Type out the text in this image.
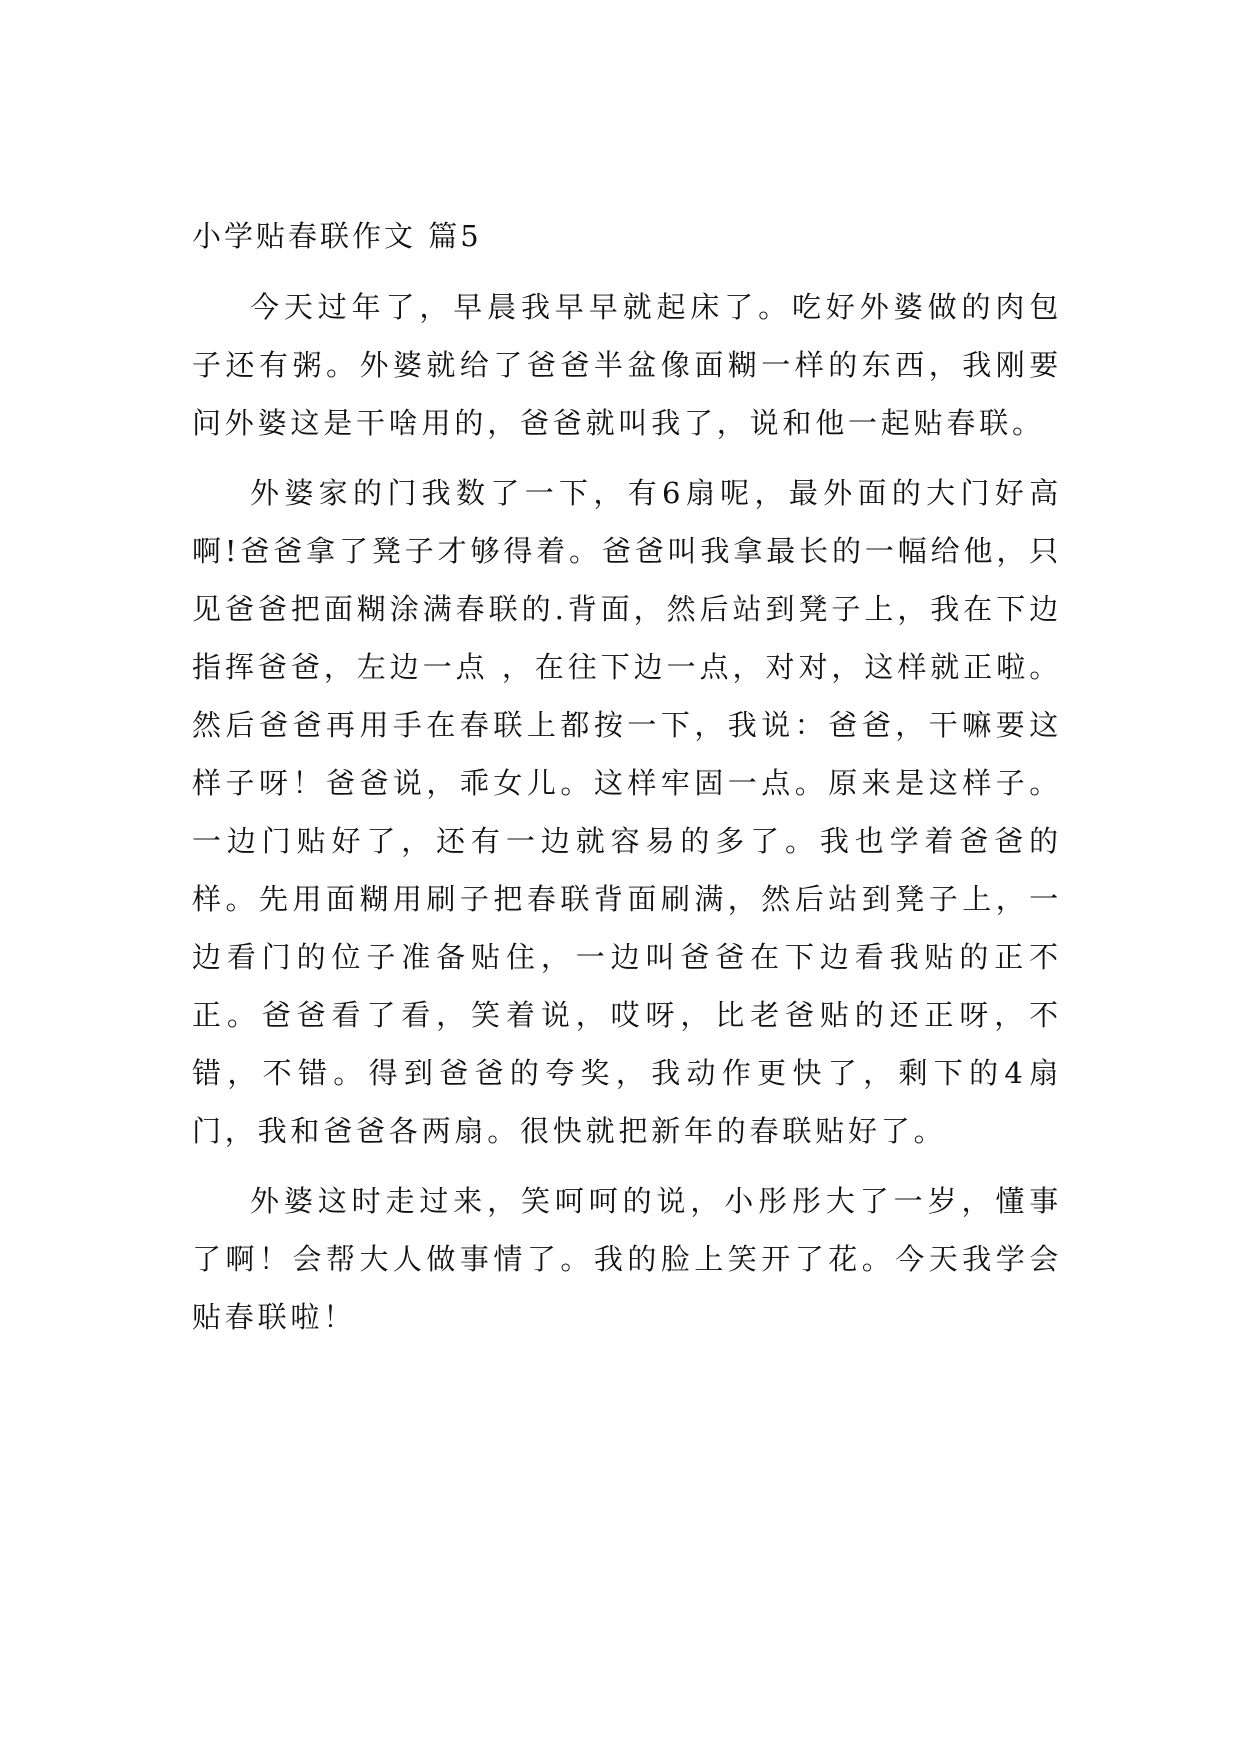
小学贴春联作文 篇5

今天过年了，早晨我早早就起床了。吃好外婆做的肉包子还有粥。外婆就给了爸爸半盆像面糊一样的东西，我刚要问外婆这是干啥用的，爸爸就叫我了，说和他一起贴春联。

外婆家的门我数了一下，有6扇呢，最外面的大门好高啊!爸爸拿了凳子才够得着。爸爸叫我拿最长的一幅给他，只见爸爸把面糊涂满春联的.背面，然后站到凳子上，我在下边指挥爸爸，左边一点 ，在往下边一点，对对，这样就正啦。然后爸爸再用手在春联上都按一下，我说：爸爸，干嘛要这样子呀！爸爸说，乖女儿。这样牢固一点。原来是这样子。一边门贴好了，还有一边就容易的多了。我也学着爸爸的样。先用面糊用刷子把春联背面刷满，然后站到凳子上，一边看门的位子准备贴住，一边叫爸爸在下边看我贴的正不正。爸爸看了看，笑着说，哎呀，比老爸贴的还正呀，不错，不错。得到爸爸的夸奖，我动作更快了，剩下的4扇门，我和爸爸各两扇。很快就把新年的春联贴好了。

外婆这时走过来，笑呵呵的说，小彤彤大了一岁，懂事了啊！会帮大人做事情了。我的脸上笑开了花。今天我学会贴春联啦！
